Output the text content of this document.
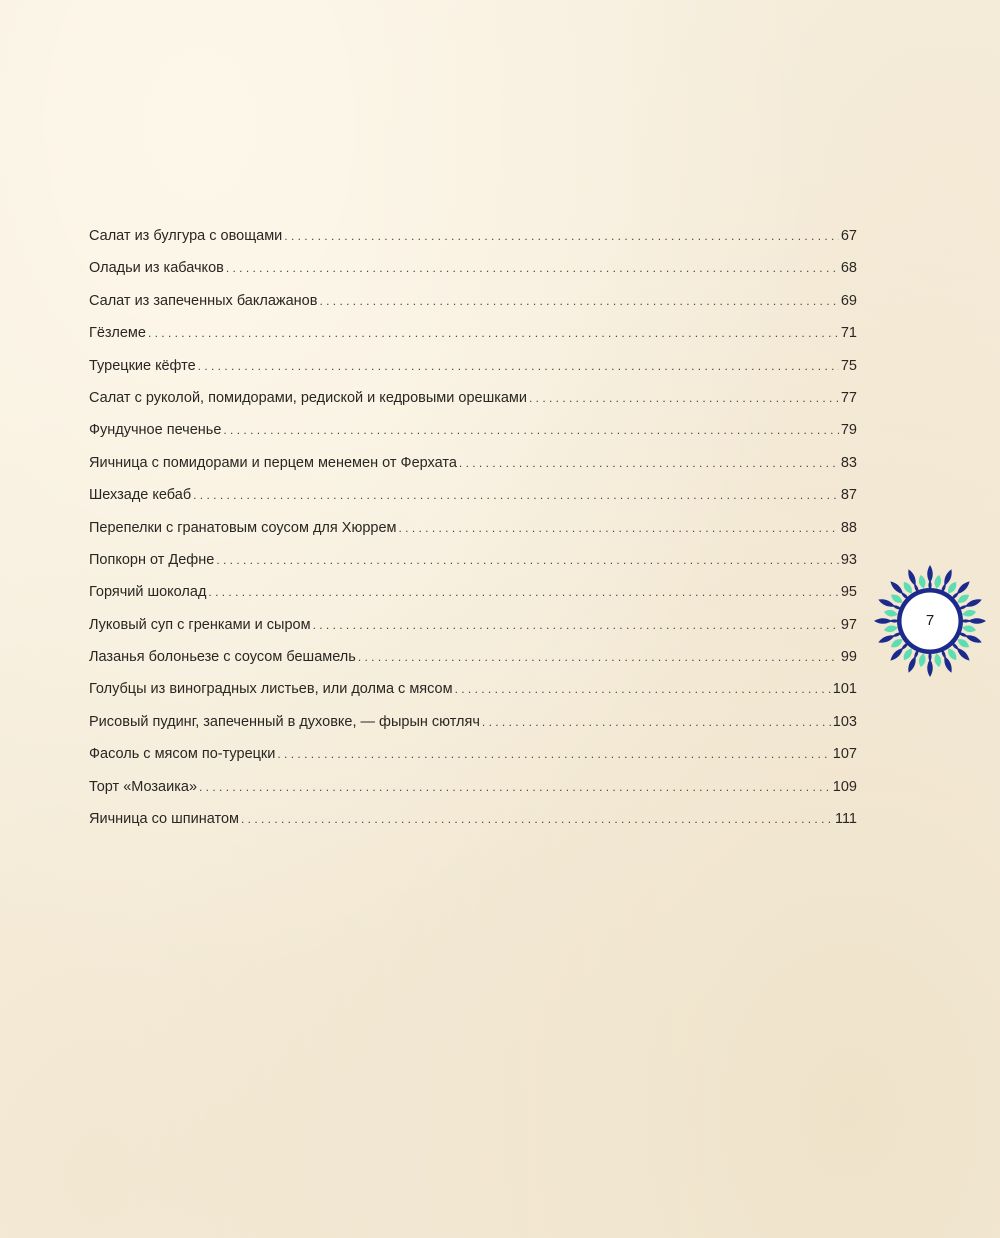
Салат из булгура с овощами . . .	67
Оладьи из кабачков . . .	68
Салат из запеченных баклажанов . . .	69
Гёзлеме . . .	71
Турецкие кёфте . . .	75
Салат с руколой, помидорами, редиской и кедровыми орешками . . .	77
Фундучное печенье . . .	79
Яичница с помидорами и перцем менемен от Ферхата . . .	83
Шехзаде кебаб . . .	87
Перепелки с гранатовым соусом для Хюррем . . .	88
Попкорн от Дефне . . .	93
Горячий шоколад . . .	95
Луковый суп с гренками и сыром . . .	97
Лазанья болоньезе с соусом бешамель . . .	99
Голубцы из виноградных листьев, или долма с мясом . . .	101
Рисовый пудинг, запеченный в духовке, — фырын сютляч . . .	103
Фасоль с мясом по-турецки . . .	107
Торт «Мозаика» . . .	109
Яичница со шпинатом . . .	111
7
